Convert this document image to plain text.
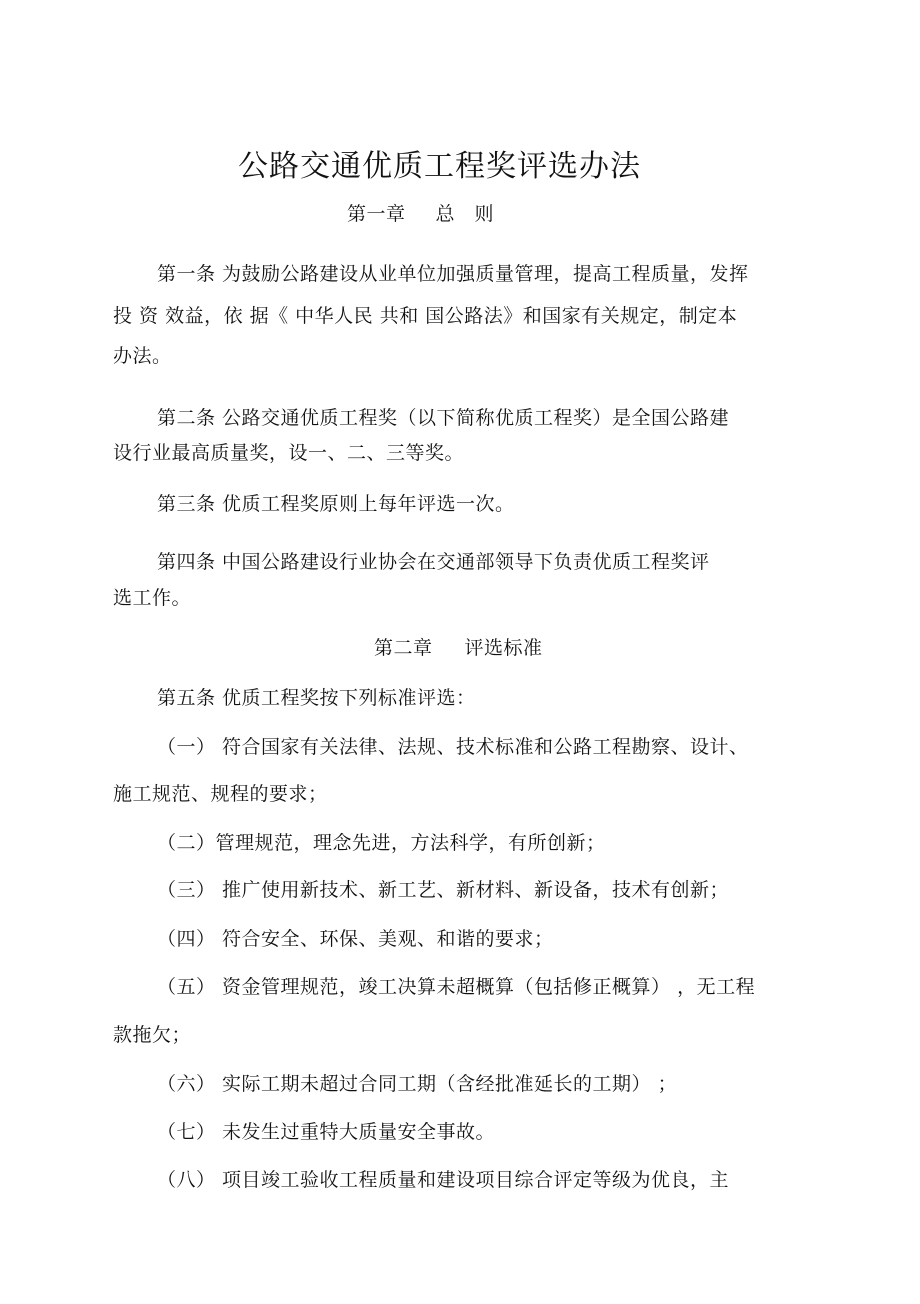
公路交通优质工程奖评选办法
第一章 总　则
第一条 为鼓励公路建设从业单位加强质量管理，提高工程质量，发挥
投 资 效益，依 据《 中华人民 共和 国公路法》和国家有关规定，制定本
办法。
第二条 公路交通优质工程奖（以下简称优质工程奖）是全国公路建
设行业最高质量奖，设一、二、三等奖。
第三条 优质工程奖原则上每年评选一次。
第四条 中国公路建设行业协会在交通部领导下负责优质工程奖评
选工作。
第二章 评选标准
第五条 优质工程奖按下列标准评选：
（一） 符合国家有关法律、法规、技术标准和公路工程勘察、设计、
施工规范、规程的要求；
（二）管理规范，理念先进，方法科学，有所创新；
（三） 推广使用新技术、新工艺、新材料、新设备，技术有创新；
（四） 符合安全、环保、美观、和谐的要求；
（五） 资金管理规范，竣工决算未超概算（包括修正概算） ，无工程
款拖欠；
（六） 实际工期未超过合同工期（含经批准延长的工期） ；
（七） 未发生过重特大质量安全事故。
（八） 项目竣工验收工程质量和建设项目综合评定等级为优良，主
